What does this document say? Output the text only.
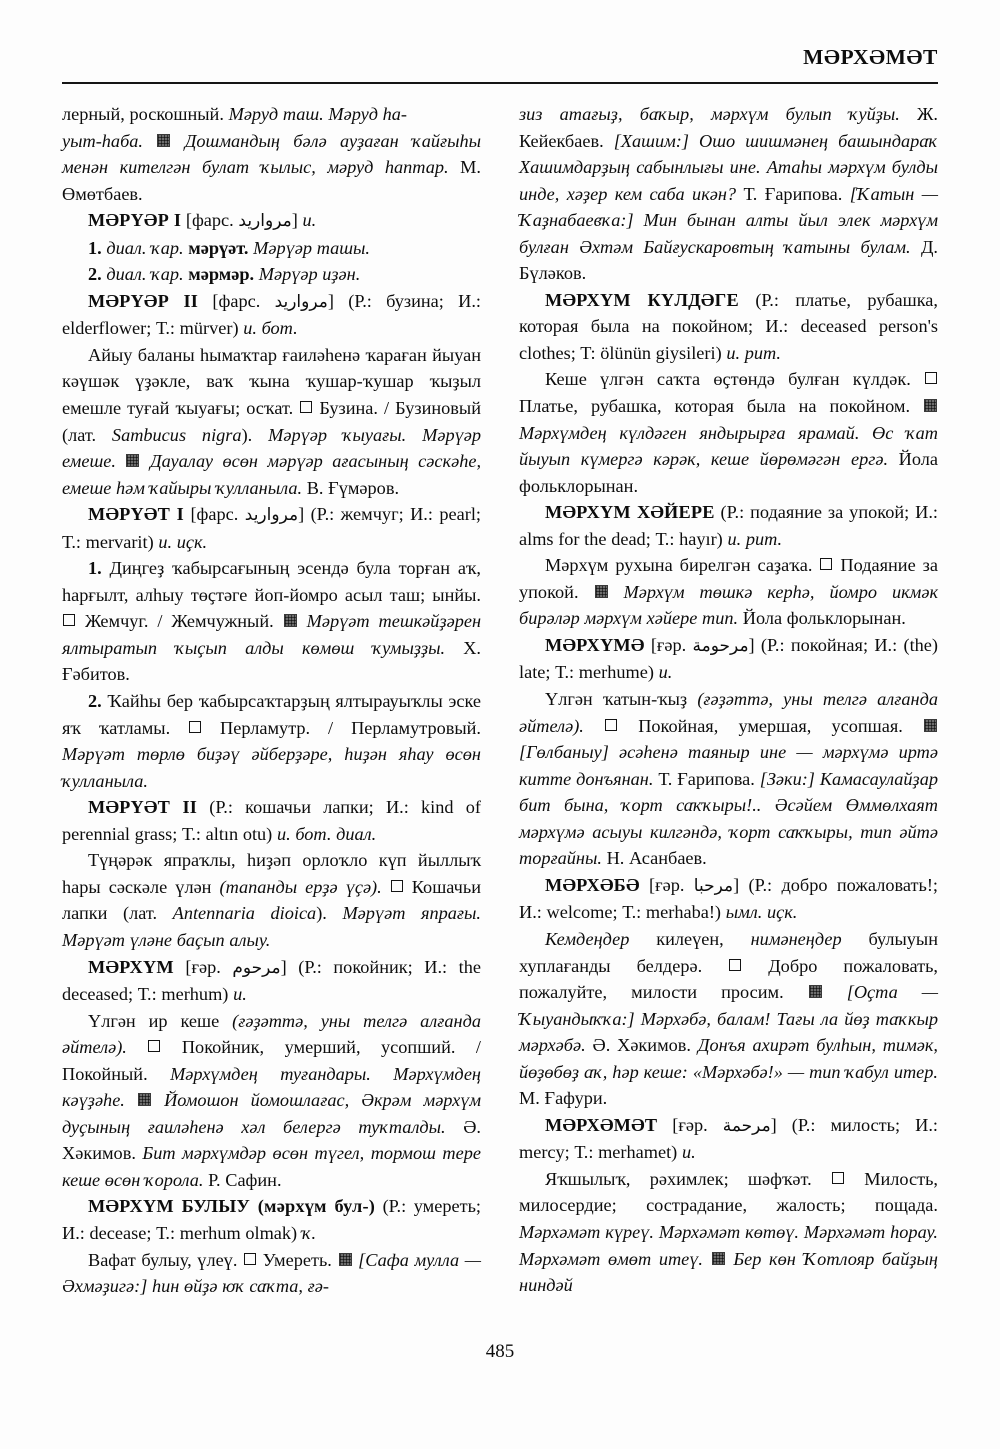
МӘРХӘМӘТ

лepный, роскошный. Мәруд таш. Мәруд hа-
уыт-hаба. Дошмандың бәлә ауҙаған ҡайғыhы менән кителгән булат ҡылыс, мәруд hаптар. М. Өмөтбаев.

МӘРҮӘР I [фарс. مروارید] и.

1. диал. ҡар. мәрүәт. Мәрүәр ташы.

2. диал. ҡар. мәрмәр. Мәрүәр иҙән.

МӘРҮӘР II [фарс. مروارید] (Р.: бузина; И.: elderflower; Т.: mürver) и. бот.

Айыу баланы hымаҡтар ғаиләhенә ҡараған йыуан кәүшәк үҙәкле, ваҡ ҡына ҡушар-ҡушар ҡыҙыл емешле туғай ҡыуағы; осҡат.  Бузина. / Бузиновый (лат. Sambucus nigra). Мәрүәр ҡыуағы. Мәрүәр емеше. Дауалау өсөн мәрүәр ағасының сәскәhе, емеше hәм ҡайыры ҡулланыла. В. Ғүмәров.

МӘРҮӘТ I [фарс. مروارید] (Р.: жемчуг; И.: pearl; Т.: mervarit) и. иҫк.

1. Диңгеҙ ҡабырсағының эсендә була торған аҡ, hарғылт, алhыу төҫтәге йоп-йомро асыл таш; ынйы.  Жемчуг. / Жемчужный.  Мәрүәт тешкәйҙәрен ялтыратып ҡыҫып алды көмөш ҡумыҙҙы. Х. Ғәбитов.

2. Ҡайhы бер ҡабырсаҡтарҙың ялтырауыҡлы эске яҡ ҡатламы.  Перламутр. / Перламутровый. Мәрүәт төрлө биҙәү әйберҙәре, hиҙән яhау өсөн ҡулланыла.

МӘРҮӘТ II (Р.: кошачьи лапки; И.: kind of perennial grass; Т.: altın otu) и. бот. диал.

Түңәрәк япраҡлы, hиҙәп орлоҡло күп йыллыҡ hары сәскәле үлән (тапанды ерҙә үҫә).  Кошачьи лапки (лат. Antennaria dioica). Мәрүәт япрағы. Мәрүәт үләне баҫып алыу.

МӘРХҮМ [ғәр. مرحوم] (Р.: покойник; И.: the deceased; Т.: merhum) и.

Үлгән ир кеше (ғәҙәттә, уны телгә алғанда әйтелә).  Покойник, умерший, усопший. / Покойный. Мәрхүмдең туғандары. Мәрхүмдең кәүҙәhе. Йомошон йомошлағас, Әкрәм мәрхүм дуҫының ғаиләhенә хәл белергә туҡталды. Ә. Хәкимов. Бит мәрхүмдәр өсөн түгел, тормош тере кеше өсөн ҡорола. Р. Сафин.

МӘРХҮМ БУЛЫУ (мәрхүм бул-) (Р.: умереть; И.: decease; Т.: merhum olmak) ҡ.

Вафат булыу, үлеү.  Умереть.  [Сафа мулла — Әхмәҙигә:] hин өйҙә юҡ саҡта, ғә-

зиз атағыҙ, баҡыр, мәрхүм булып ҡуйҙы. Ж. Кейекбаев. [Хашим:] Ошо шишмәнең башындараҡ Хашимдарҙың сабынлығы ине. Атаhы мәрхүм булды инде, хәҙер кем саба икән? Т. Ғарипова. [Ҡатын — Ҡаҙнабаевҡа:] Мин бынан алты йыл элек мәрхүм булған Әхтәм Байғускаровтың ҡатыны булам. Д. Бүләков.

МӘРХҮМ КҮЛДӘГЕ (Р.: платье, рубашка, которая была на покойном; И.: deceased person's clothes; T: ölünün giysileri) и. рит.

Кеше үлгән саҡта өҫтөндә булған күлдәк.  Платье, рубашка, которая была на покойном.  Мәрхүмдең күлдәген яндырырға ярамай. Өс ҡат йыуып күмергә кәрәк, кеше йөрөмәгән ергә. Йола фольклорынан.

МӘРХҮМ ХӘЙЕРЕ (Р.: подаяние за упокой; И.: alms for the dead; Т.: hayır) и. рит.

Мәрхүм рухына бирелгән саҙаҡа.  Подаяние за упокой.  Мәрхүм төшкә керhә, йомро икмәк бирәләр мәрхүм хәйере тип. Йола фольклорынан.

МӘРХҮМӘ [ғәр. مرحومة] (Р.: покойная; И.: (the) late; Т.: merhume) и.

Үлгән ҡатын-ҡыҙ (ғәҙәттә, уны телгә алғанда әйтелә).  Покойная, умершая, усопшая.  [Гөлбаныу] әсәhенә таяныр ине — мәрхүмә иртә китте донъянан. Т. Ғарипова. [Зәки:] Камасаулайҙар бит бына, ҡорт саҡҡыры!.. Әсәйем Өммөлхаят мәрхүмә асыуы килгәндә, ҡорт саҡҡыры, тип әйтә торғайны. Н. Асанбаев.

МӘРХӘБӘ [ғәр. مرحبا] (Р.: добро пожаловать!; И.: welcome; Т.: merhaba!) ымл. иҫк.

Кемдеңдер килеүен, нимәнеңдер булыуын хуплағанды белдерә.  Добро пожаловать, пожалуйте, милости просим.  [Оҫта — Ҡыуандыҡҡа:] Мәрхәбә, балам! Тағы ла йөҙ таҡкыр мәрхәбә. Ә. Хәкимов. Донъя ахирәт булhын, тимәк, йөҙөбөҙ аҡ, hәр кеше: «Мәрхәбә!» — тип ҡабул итер. М. Ғафури.

МӘРХӘМӘТ [ғәр. مرحمة] (Р.: милость; И.: mercy; Т.: merhamet) и.

Яҡшылыҡ, рәхимлек; шәфҡәт.  Милость, милосердие; сострадание, жалость; пощада. Мәрхәмәт күреү. Мәрхәмәт көтөү. Мәрхәмәт hорау. Мәрхәмәт өмөт итеү. Бер көн Ҡотлояр байҙың ниндәй

485
